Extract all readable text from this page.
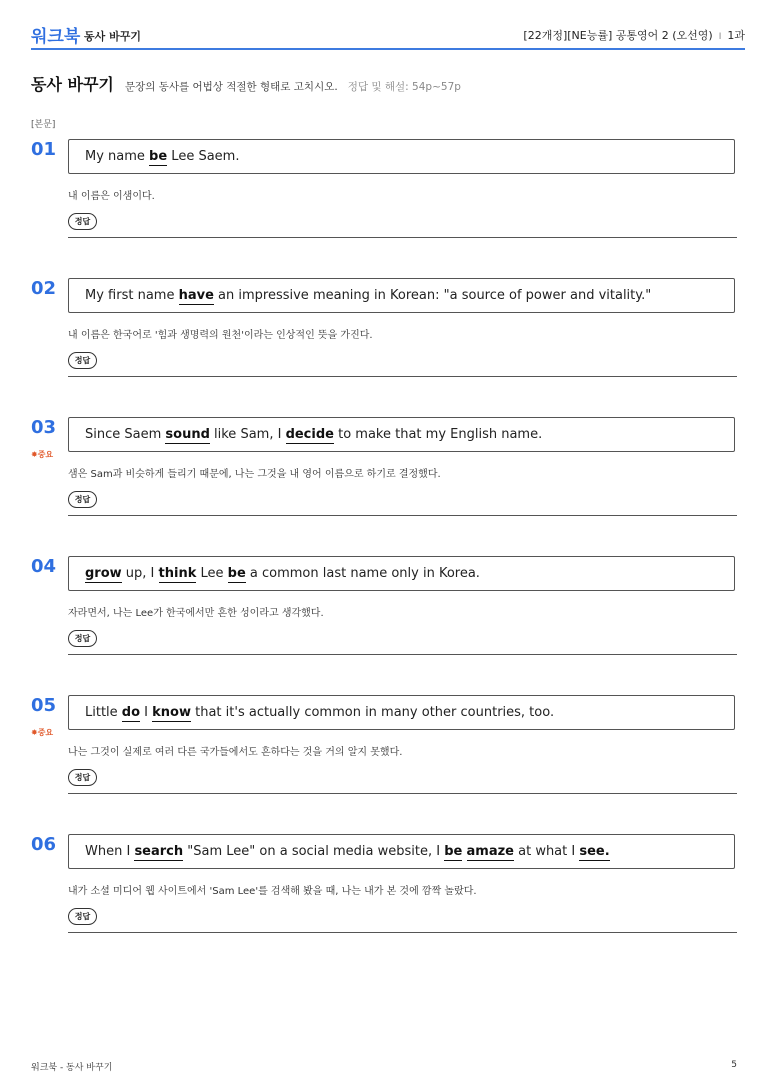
워크북 동사 바꾸기	[22개정][NE능률] 공통영어 2 (오선영) I 1과
동사 바꾸기 문장의 동사를 어법상 적절한 형태로 고치시오. 정답 및 해설: 54p~57p
[본문]
01	My name be Lee Saem.
내 이름은 이샘이다.
정답
02	My first name have an impressive meaning in Korean: "a source of power and vitality."
내 이름은 한국어로 '힘과 생명력의 원천'이라는 인상적인 뜻을 가진다.
정답
03
✸중요
Since Saem sound like Sam, I decide to make that my English name.
샘은 Sam과 비슷하게 들리기 때문에, 나는 그것을 내 영어 이름으로 하기로 결정했다.
정답
04	grow up, I think Lee be a common last name only in Korea.
자라면서, 나는 Lee가 한국에서만 흔한 성이라고 생각했다.
정답
05
✸중요
Little do I know that it's actually common in many other countries, too.
나는 그것이 실제로 여러 다른 국가들에서도 흔하다는 것을 거의 알지 못했다.
정답
06	When I search "Sam Lee" on a social media website, I be amaze at what I see.
내가 소셜 미디어 웹 사이트에서 'Sam Lee'를 검색해 봤을 때, 나는 내가 본 것에 깜짝 놀랐다.
정답
워크북 - 동사 바꾸기	5
